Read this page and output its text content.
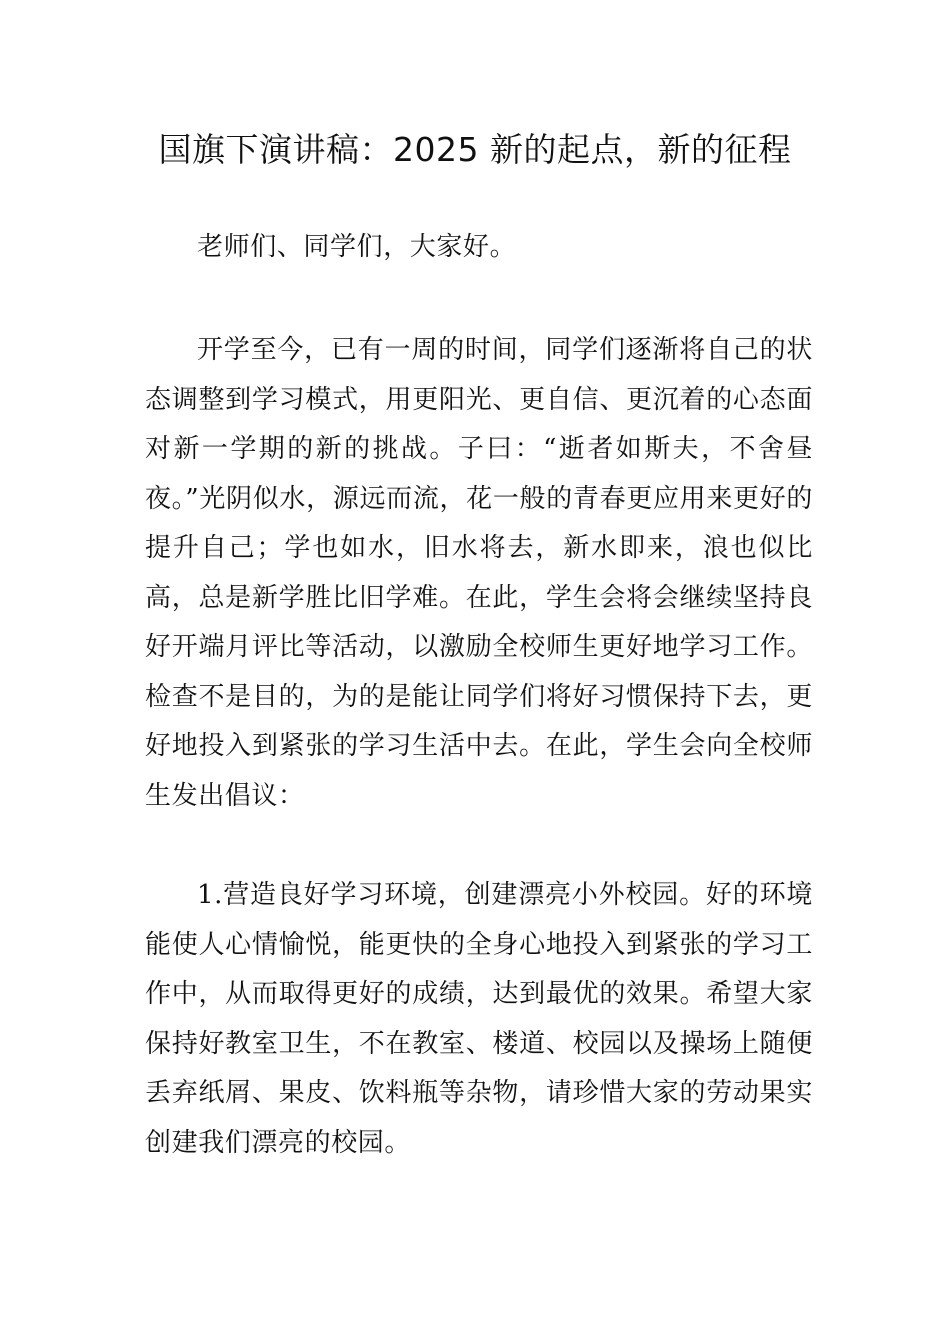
国旗下演讲稿：2025 新的起点，新的征程

老师们、同学们，大家好。

开学至今，已有一周的时间，同学们逐渐将自己的状态调整到学习模式，用更阳光、更自信、更沉着的心态面对新一学期的新的挑战。子曰：“逝者如斯夫，不舍昼夜。”光阴似水，源远而流，花一般的青春更应用来更好的提升自己；学也如水，旧水将去，新水即来，浪也似比高，总是新学胜比旧学难。在此，学生会将会继续坚持良好开端月评比等活动，以激励全校师生更好地学习工作。检查不是目的，为的是能让同学们将好习惯保持下去，更好地投入到紧张的学习生活中去。在此，学生会向全校师生发出倡议：

1.营造良好学习环境，创建漂亮小外校园。好的环境能使人心情愉悦，能更快的全身心地投入到紧张的学习工作中，从而取得更好的成绩，达到最优的效果。希望大家保持好教室卫生，不在教室、楼道、校园以及操场上随便丢弃纸屑、果皮、饮料瓶等杂物，请珍惜大家的劳动果实创建我们漂亮的校园。
